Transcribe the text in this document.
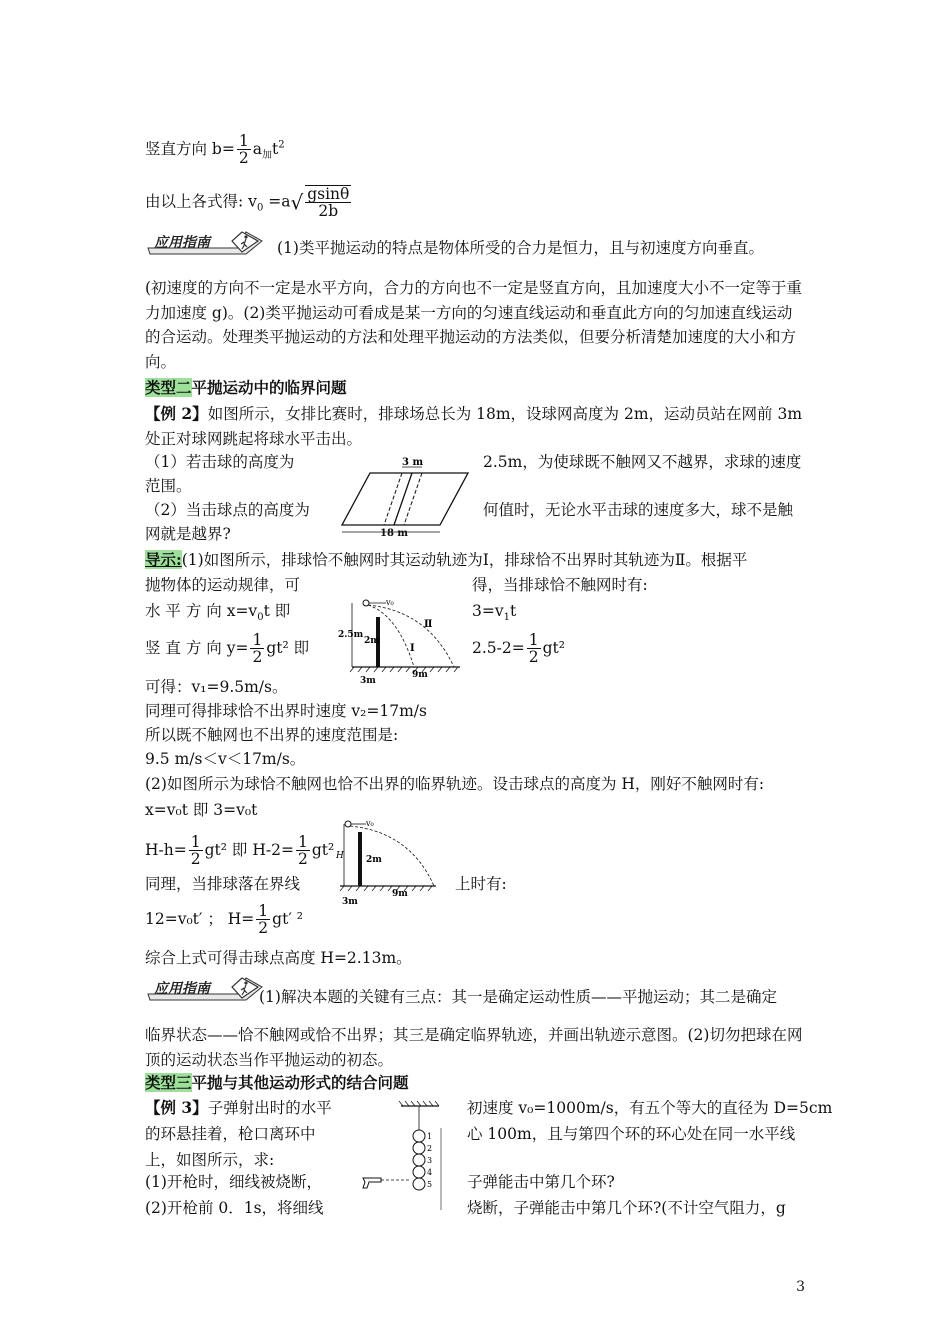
竖直方向 $b= \frac{1}{2} a_加t^2$
由以上各式得: $v_0 =a√ \frac{gsin\theta}{2b}$
应用指南	(1)类平抛运动的特点是物体所受的合力是恒力，且与初速度方向垂直。
(初速度的方向不一定是水平方向，合力的方向也不一定是竖直方向，且加速度大小不一定等于重力加速度 g)。(2)类平抛运动可看成是某一方向的匀速直线运动和垂直此方向的匀加速直线运动的合运动。处理类平抛运动的方法和处理平抛运动的方法类似，但要分析清楚加速度的大小和方向。
类型二平抛运动中的临界问题
【例 2】如图所示，女排比赛时，排球场总长为 18m，设球网高度为 2m，运动员站在网前 3m 处正对球网跳起将球水平击出。
（1）若击球的高度为	2.5m，为使球既不触网又不越界，求球的速度
范围。
（2）当击球点的高度为	何值时，无论水平击球的速度多大，球不是触
网就是越界?
3 m
18 m
导示:(1)如图所示，排球恰不触网时其运动轨迹为Ⅰ，排球恰不出界时其轨迹为Ⅱ。根据平
抛物体的运动规律，可	得，当排球恰不触网时有:
水 平 方 向 $x=v_0t$ 即	$3=v_1t$
竖 直 方 向 $y= \frac{1}{2} gt^2$ 即	$2.5-2= \frac{1}{2} gt^2$
v₀
2.5m
2m
Ⅱ
Ⅰ
3m
9m
可得：v₁=9.5m/s。
同理可得排球恰不出界时速度 v₂=17m/s
所以既不触网也不出界的速度范围是:
9.5 m/s＜v＜17m/s。
(2)如图所示为球恰不触网也恰不出界的临界轨迹。设击球点的高度为 H，刚好不触网时有:
x=v₀t 即 3=v₀t
$H-h= \frac{1}{2} gt^2$ 即 $H-2= \frac{1}{2} gt^2$
同理，当排球落在界线	上时有:
v₀
H 2m
3m
9m
12=v₀t′ ； $H= \frac{1}{2} gt'$ ²
综合上式可得击球点高度 H=2.13m。
应用指南	(1)解决本题的关键有三点：其一是确定运动性质——平抛运动；其二是确定
临界状态——恰不触网或恰不出界；其三是确定临界轨迹，并画出轨迹示意图。(2)切勿把球在网顶的运动状态当作平抛运动的初态。
类型三平抛与其他运动形式的结合问题
【例 3】子弹射出时的水平	初速度 v₀=1000m/s，有五个等大的直径为 D=5cm
的环悬挂着，枪口离环中	心 100m，且与第四个环的环心处在同一水平线
上，如图所示，求:
(1)开枪时，细线被烧断，	子弹能击中第几个环?
(2)开枪前 0．1s，将细线	烧断，子弹能击中第几个环?(不计空气阻力，g
1
2
3
4
5
3
